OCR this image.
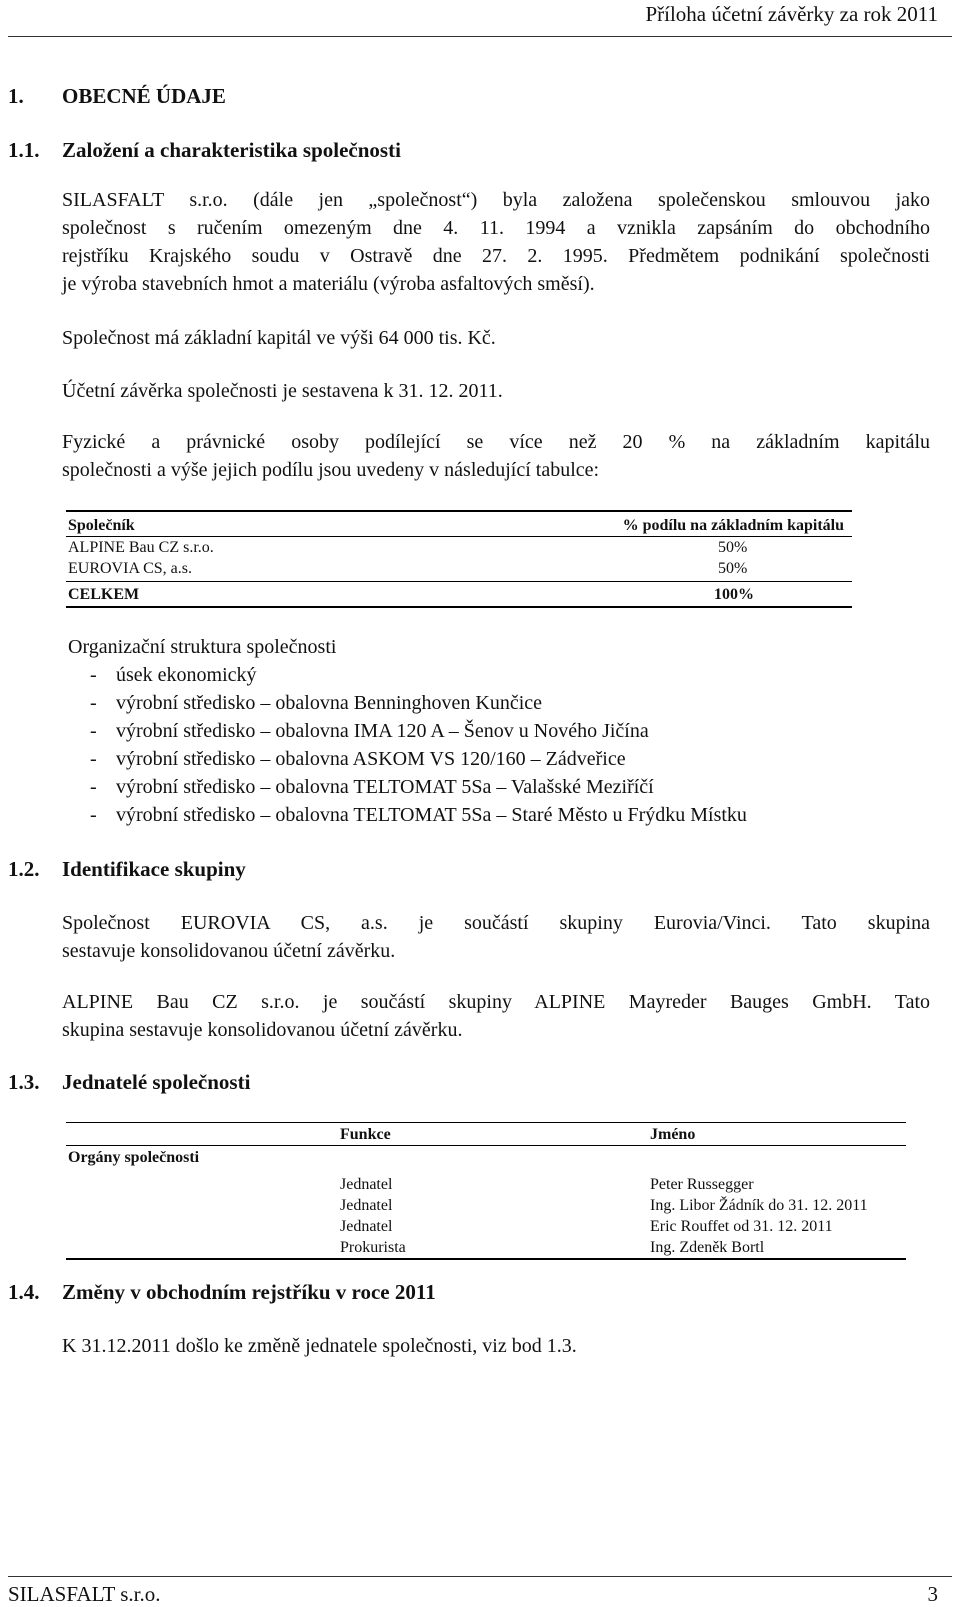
Příloha účetní závěrky za rok 2011
1. OBECNÉ ÚDAJE
1.1. Založení a charakteristika společnosti
SILASFALT s.r.o. (dále jen „společnost“) byla založena společenskou smlouvou jako
společnost s ručením omezeným dne 4. 11. 1994 a vznikla zapsáním do obchodního
rejstříku Krajského soudu v Ostravě dne 27. 2. 1995. Předmětem podnikání společnosti
je výroba stavebních hmot a materiálu (výroba asfaltových směsí).
Společnost má základní kapitál ve výši 64 000 tis. Kč.
Účetní závěrka společnosti je sestavena k 31. 12. 2011.
Fyzické a právnické osoby podílející se více než 20 % na základním kapitálu
společnosti a výše jejich podílu jsou uvedeny v následující tabulce:
Společník	% podílu na základním kapitálu
ALPINE Bau CZ s.r.o.	50%
EUROVIA CS, a.s.	50%
CELKEM	100%
Organizační struktura společnosti
- úsek ekonomický
- výrobní středisko – obalovna Benninghoven Kunčice
- výrobní středisko – obalovna IMA 120 A – Šenov u Nového Jičína
- výrobní středisko – obalovna ASKOM VS 120/160 – Zádveřice
- výrobní středisko – obalovna TELTOMAT 5Sa – Valašské Meziříčí
- výrobní středisko – obalovna TELTOMAT 5Sa – Staré Město u Frýdku Místku
1.2. Identifikace skupiny
Společnost EUROVIA CS, a.s. je součástí skupiny Eurovia/Vinci. Tato skupina
sestavuje konsolidovanou účetní závěrku.
ALPINE Bau CZ s.r.o. je součástí skupiny ALPINE Mayreder Bauges GmbH. Tato
skupina sestavuje konsolidovanou účetní závěrku.
1.3. Jednatelé společnosti
Funkce	Jméno
Orgány společnosti
Jednatel	Peter Russegger
Jednatel	Ing. Libor Žádník do 31. 12. 2011
Jednatel	Eric Rouffet od 31. 12. 2011
Prokurista	Ing. Zdeněk Bortl
1.4. Změny v obchodním rejstříku v roce 2011
K 31.12.2011 došlo ke změně jednatele společnosti, viz bod 1.3.
SILASFALT s.r.o.	3
